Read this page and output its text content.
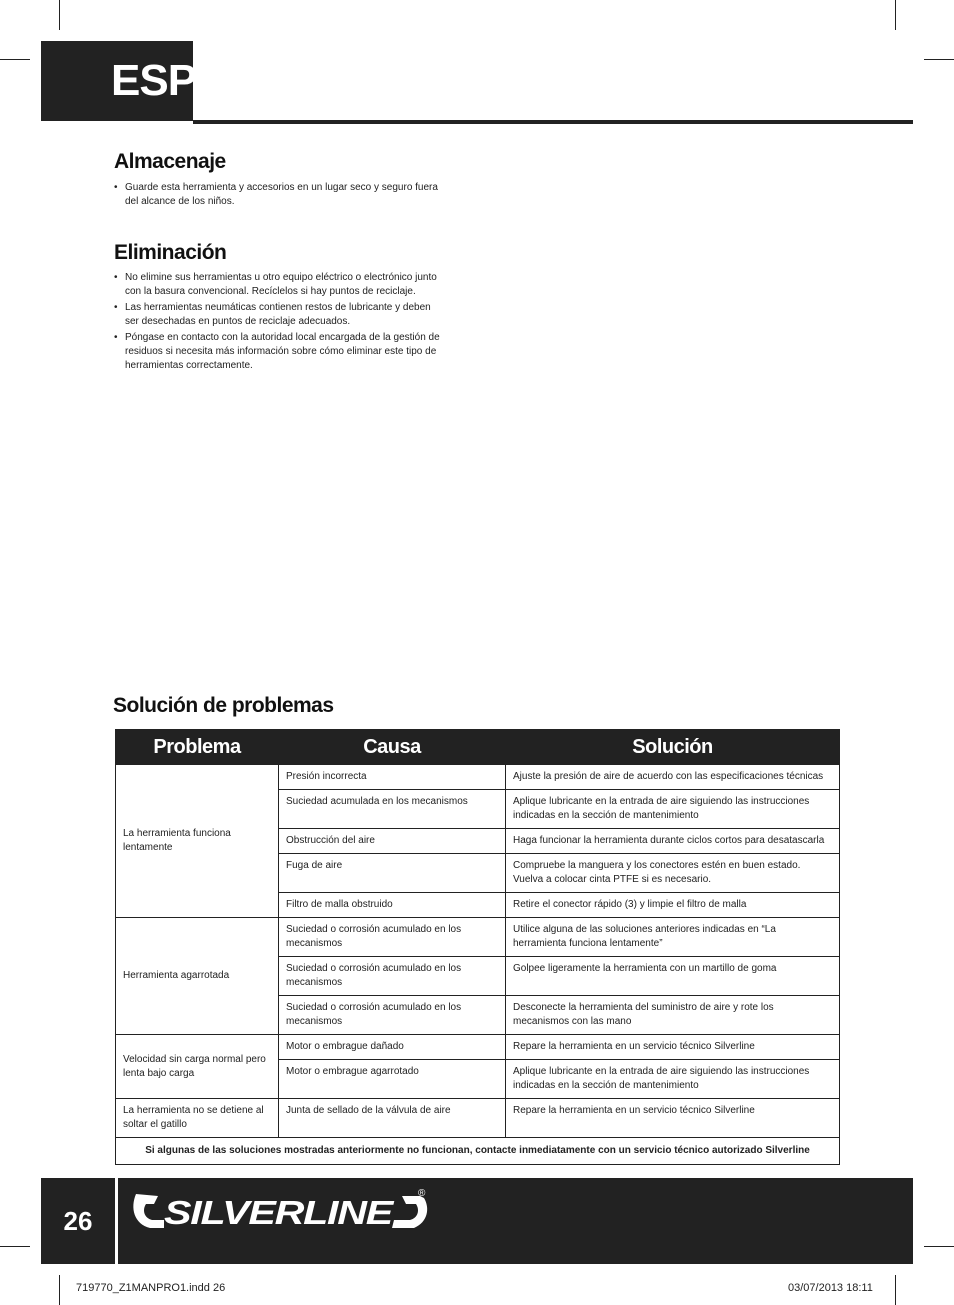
ESP
Almacenaje
• Guarde esta herramienta y accesorios en un lugar seco y seguro fuera del alcance de los niños.
Eliminación
• No elimine sus herramientas u otro equipo eléctrico o electrónico junto con la basura convencional. Recíclelos si hay puntos de reciclaje.
• Las herramientas neumáticas contienen restos de lubricante y deben ser desechadas en puntos de reciclaje adecuados.
• Póngase en contacto con la autoridad local encargada de la gestión de residuos si necesita más información sobre cómo eliminar este tipo de herramientas correctamente.
Solución de problemas
Problema	Causa	Solución
La herramienta funciona lentamente	Presión incorrecta	Ajuste la presión de aire de acuerdo con las especificaciones técnicas
	Suciedad acumulada en los mecanismos	Aplique lubricante en la entrada de aire siguiendo las instrucciones indicadas en la sección de mantenimiento
	Obstrucción del aire	Haga funcionar la herramienta durante ciclos cortos para desatascarla
	Fuga de aire	Compruebe la manguera y los conectores estén en buen estado. Vuelva a colocar cinta PTFE si es necesario.
	Filtro de malla obstruido	Retire el conector rápido (3) y limpie el filtro de malla
Herramienta agarrotada	Suciedad o corrosión acumulado en los mecanismos	Utilice alguna de las soluciones anteriores indicadas en “La herramienta funciona lentamente”
	Suciedad o corrosión acumulado en los mecanismos	Golpee ligeramente la herramienta con un martillo de goma
	Suciedad o corrosión acumulado en los mecanismos	Desconecte la herramienta del suministro de aire y rote los mecanismos con las mano
Velocidad sin carga normal pero lenta bajo carga	Motor o embrague dañado	Repare la herramienta en un servicio técnico Silverline
	Motor o embrague agarrotado	Aplique lubricante en la entrada de aire siguiendo las instrucciones indicadas en la sección de mantenimiento
La herramienta no se detiene al soltar el gatillo	Junta de sellado de la válvula de aire	Repare la herramienta en un servicio técnico Silverline
Si algunas de las soluciones mostradas anteriormente no funcionan, contacte inmediatamente con un servicio técnico autorizado Silverline		
26	SILVERLINE
®
719770_Z1MANPRO1.indd 26	03/07/2013 18:11
